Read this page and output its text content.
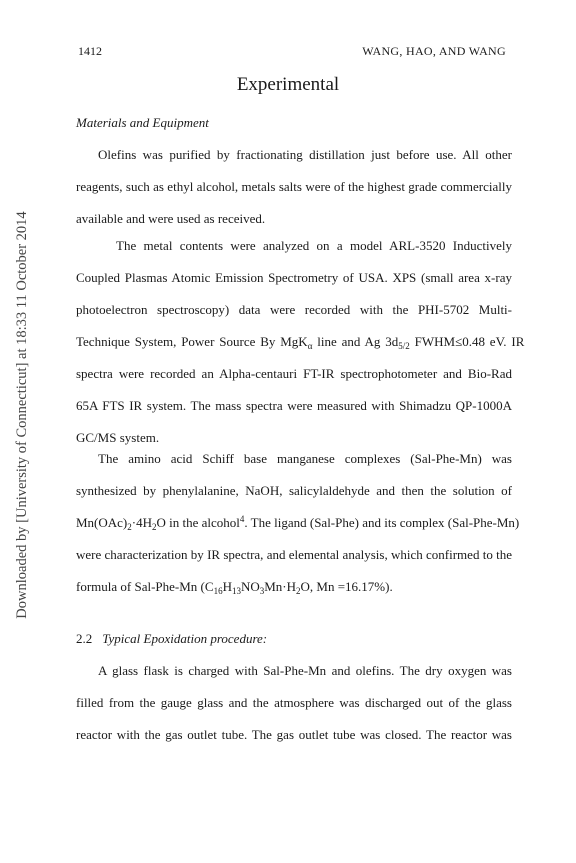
1412	WANG, HAO, AND WANG
Downloaded by [University of Connecticut] at 18:33 11 October 2014
Experimental
Materials and Equipment
Olefins was purified by fractionating distillation just before use. All other
reagents, such as ethyl alcohol, metals salts were of the highest grade commercially
available and were used as received.
The metal contents were analyzed on a model ARL-3520 Inductively
Coupled Plasmas Atomic Emission Spectrometry of USA. XPS (small area x-ray
photoelectron spectroscopy) data were recorded with the PHI-5702 Multi-
Technique System, Power Source By MgK$_\alpha$ line and Ag $3d_{5/2}$ FWHM≤0.48 eV. IR
spectra were recorded an Alpha-centauri FT-IR spectrophotometer and Bio-Rad
65A FTS IR system. The mass spectra were measured with Shimadzu QP-1000A
GC/MS system.
The amino acid Schiff base manganese complexes (Sal-Phe-Mn) was
synthesized by phenylalanine, NaOH, salicylaldehyde and then the solution of
$Mn(OAc)_2\cdot 4H_2O$ in the alcohol$^4$. The ligand (Sal-Phe) and its complex (Sal-Phe-Mn)
were characterization by IR spectra, and elemental analysis, which confirmed to the
formula of Sal-Phe-Mn ($C_{16}H_{13}NO_3Mn\cdot H_2O$, Mn =16.17%).
2.2 Typical Epoxidation procedure:
A glass flask is charged with Sal-Phe-Mn and olefins. The dry oxygen was
filled from the gauge glass and the atmosphere was discharged out of the glass
reactor with the gas outlet tube. The gas outlet tube was closed. The reactor was
